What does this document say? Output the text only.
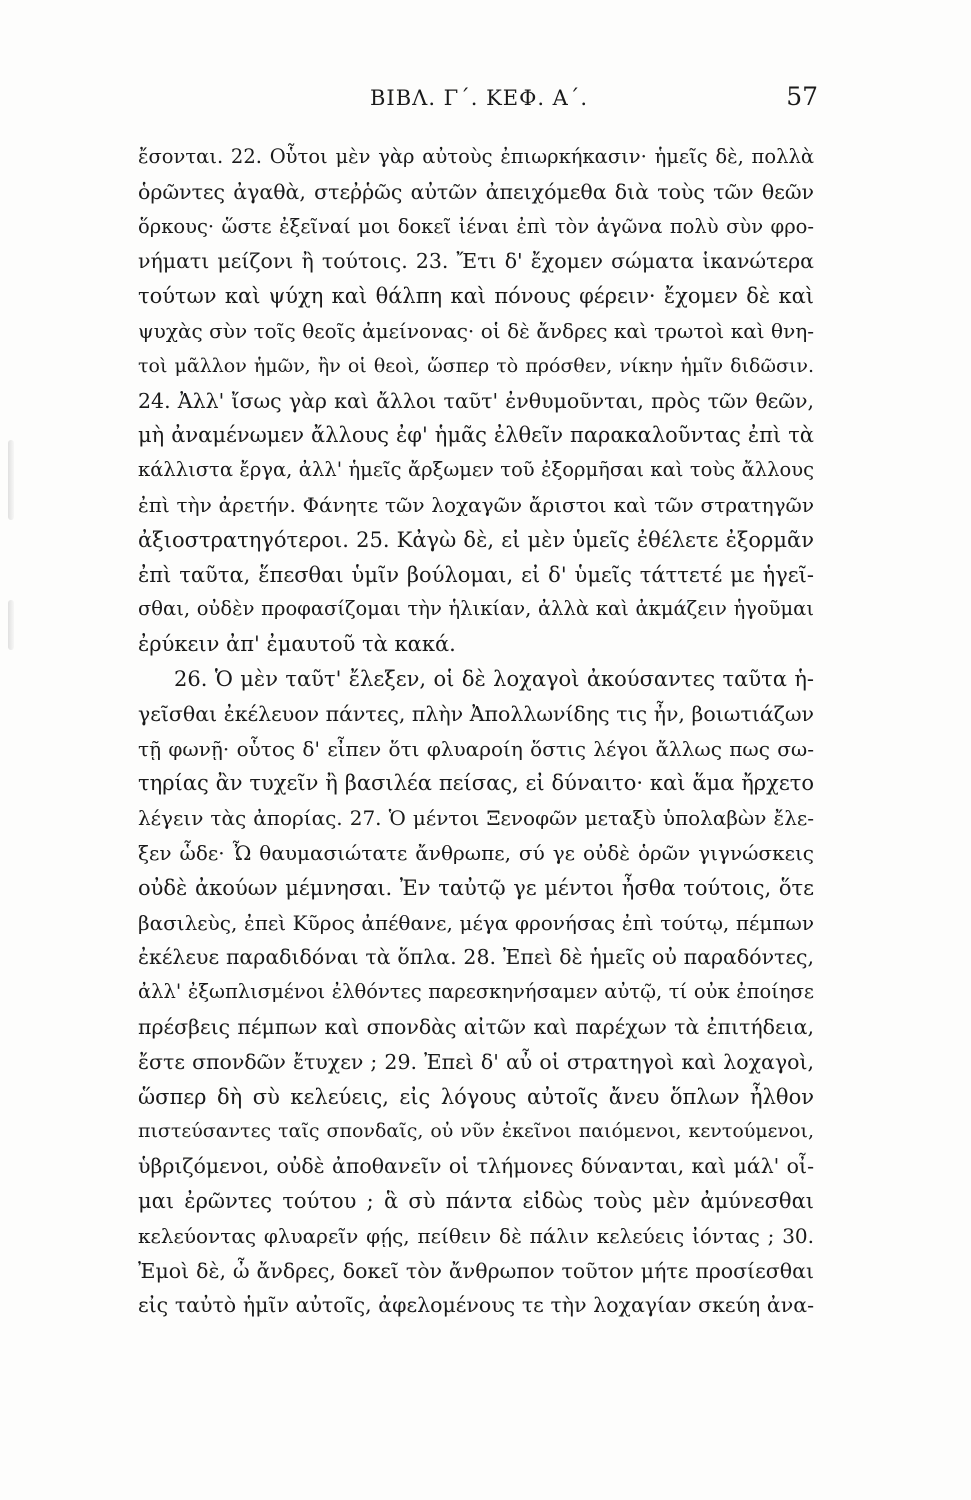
ΒΙΒΛ. Γ΄. ΚΕΦ. Α΄.	57
ἔσονται. 22. Οὗτοι μὲν γὰρ αὐτοὺς ἐπιωρκήκασιν· ἡμεῖς δὲ, πολλὰ
ὁρῶντες ἀγαθὰ, στεῤῥῶς αὐτῶν ἀπειχόμεθα διὰ τοὺς τῶν θεῶν
ὅρκους· ὥστε ἐξεῖναί μοι δοκεῖ ἰέναι ἐπὶ τὸν ἀγῶνα πολὺ σὺν φρο-
νήματι μείζονι ἢ τούτοις. 23. Ἔτι δ' ἔχομεν σώματα ἱκανώτερα
τούτων καὶ ψύχη καὶ θάλπη καὶ πόνους φέρειν· ἔχομεν δὲ καὶ
ψυχὰς σὺν τοῖς θεοῖς ἀμείνονας· οἱ δὲ ἄνδρες καὶ τρωτοὶ καὶ θνη-
τοὶ μᾶλλον ἡμῶν, ἢν οἱ θεοὶ, ὥσπερ τὸ πρόσθεν, νίκην ἡμῖν διδῶσιν.
24. Ἀλλ' ἴσως γὰρ καὶ ἄλλοι ταῦτ' ἐνθυμοῦνται, πρὸς τῶν θεῶν,
μὴ ἀναμένωμεν ἄλλους ἐφ' ἡμᾶς ἐλθεῖν παρακαλοῦντας ἐπὶ τὰ
κάλλιστα ἔργα, ἀλλ' ἡμεῖς ἄρξωμεν τοῦ ἐξορμῆσαι καὶ τοὺς ἄλλους
ἐπὶ τὴν ἀρετήν. Φάνητε τῶν λοχαγῶν ἄριστοι καὶ τῶν στρατηγῶν
ἀξιοστρατηγότεροι. 25. Κἀγὼ δὲ, εἰ μὲν ὑμεῖς ἐθέλετε ἐξορμᾶν
ἐπὶ ταῦτα, ἕπεσθαι ὑμῖν βούλομαι, εἰ δ' ὑμεῖς τάττετέ με ἡγεῖ-
σθαι, οὐδὲν προφασίζομαι τὴν ἡλικίαν, ἀλλὰ καὶ ἀκμάζειν ἡγοῦμαι
ἐρύκειν ἀπ' ἐμαυτοῦ τὰ κακά.
26. Ὁ μὲν ταῦτ' ἔλεξεν, οἱ δὲ λοχαγοὶ ἀκούσαντες ταῦτα ἡ-
γεῖσθαι ἐκέλευον πάντες, πλὴν Ἀπολλωνίδης τις ἦν, βοιωτιάζων
τῇ φωνῇ· οὗτος δ' εἶπεν ὅτι φλυαροίη ὅστις λέγοι ἄλλως πως σω-
τηρίας ἂν τυχεῖν ἢ βασιλέα πείσας, εἰ δύναιτο· καὶ ἅμα ἤρχετο
λέγειν τὰς ἀπορίας. 27. Ὁ μέντοι Ξενοφῶν μεταξὺ ὑπολαβὼν ἔλε-
ξεν ὧδε· Ὦ θαυμασιώτατε ἄνθρωπε, σύ γε οὐδὲ ὁρῶν γιγνώσκεις
οὐδὲ ἀκούων μέμνησαι. Ἐν ταὐτῷ γε μέντοι ἦσθα τούτοις, ὅτε
βασιλεὺς, ἐπεὶ Κῦρος ἀπέθανε, μέγα φρονήσας ἐπὶ τούτῳ, πέμπων
ἐκέλευε παραδιδόναι τὰ ὅπλα. 28. Ἐπεὶ δὲ ἡμεῖς οὐ παραδόντες,
ἀλλ' ἐξωπλισμένοι ἐλθόντες παρεσκηνήσαμεν αὐτῷ, τί οὐκ ἐποίησε
πρέσβεις πέμπων καὶ σπονδὰς αἰτῶν καὶ παρέχων τὰ ἐπιτήδεια,
ἔστε σπονδῶν ἔτυχεν ; 29. Ἐπεὶ δ' αὖ οἱ στρατηγοὶ καὶ λοχαγοὶ,
ὥσπερ δὴ σὺ κελεύεις, εἰς λόγους αὐτοῖς ἄνευ ὅπλων ἦλθον
πιστεύσαντες ταῖς σπονδαῖς, οὐ νῦν ἐκεῖνοι παιόμενοι, κεντούμενοι,
ὑβριζόμενοι, οὐδὲ ἀποθανεῖν οἱ τλήμονες δύνανται, καὶ μάλ' οἶ-
μαι ἐρῶντες τούτου ; ἃ σὺ πάντα εἰδὼς τοὺς μὲν ἀμύνεσθαι
κελεύοντας φλυαρεῖν φῄς, πείθειν δὲ πάλιν κελεύεις ἰόντας ; 30.
Ἐμοὶ δὲ, ὦ ἄνδρες, δοκεῖ τὸν ἄνθρωπον τοῦτον μήτε προσίεσθαι
εἰς ταὐτὸ ἡμῖν αὐτοῖς, ἀφελομένους τε τὴν λοχαγίαν σκεύη ἀνα-
